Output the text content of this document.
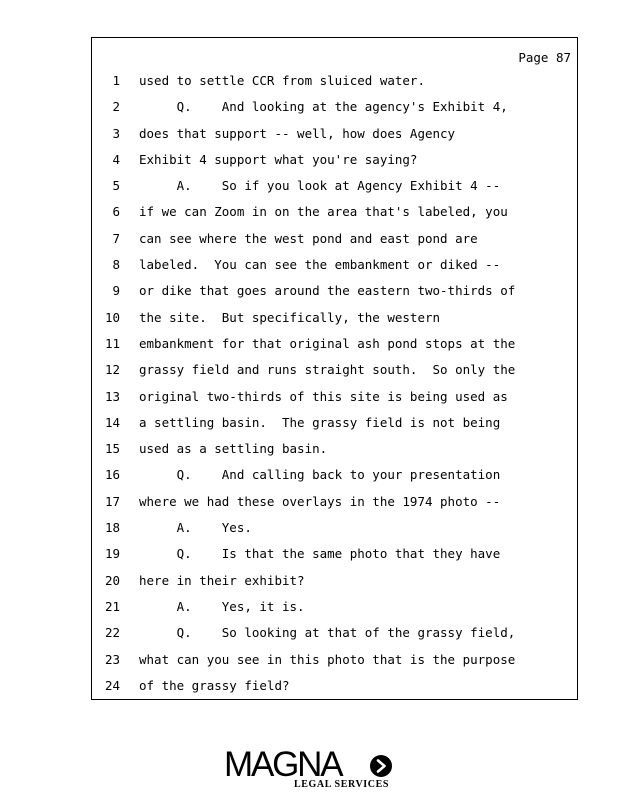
Page 87
1 used to settle CCR from sluiced water.
2 Q.    And looking at the agency's Exhibit 4,
3 does that support -- well, how does Agency
4 Exhibit 4 support what you're saying?
5 A.    So if you look at Agency Exhibit 4 --
6 if we can Zoom in on the area that's labeled, you
7 can see where the west pond and east pond are
8 labeled.  You can see the embankment or diked --
9 or dike that goes around the eastern two-thirds of
10 the site.  But specifically, the western
11 embankment for that original ash pond stops at the
12 grassy field and runs straight south.  So only the
13 original two-thirds of this site is being used as
14 a settling basin.  The grassy field is not being
15 used as a settling basin.
16 Q.    And calling back to your presentation
17 where we had these overlays in the 1974 photo --
18 A.    Yes.
19 Q.    Is that the same photo that they have
20 here in their exhibit?
21 A.    Yes, it is.
22 Q.    So looking at that of the grassy field,
23 what can you see in this photo that is the purpose
24 of the grassy field?
MAGNA
LEGAL SERVICES
